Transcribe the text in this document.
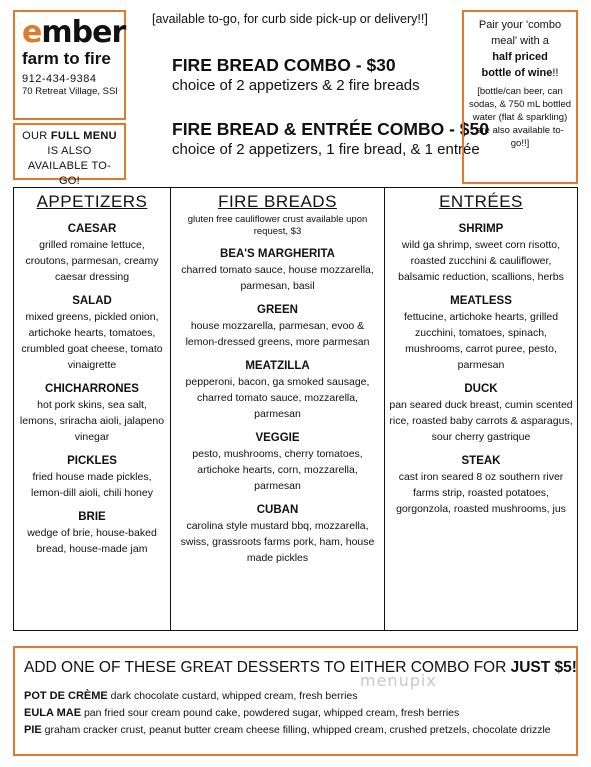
ember
farm to fire
912-434-9384
70 Retreat Village, SSI
OUR FULL MENU
IS ALSO
AVAILABLE TO-GO!
[available to-go, for curb side pick-up or delivery!!]
FIRE BREAD COMBO - $30
choice of 2 appetizers & 2 fire breads
FIRE BREAD & ENTRÉE COMBO - $50
choice of 2 appetizers, 1 fire bread, & 1 entrée
Pair your 'combo
meal' with a
half priced
bottle of wine!!
[bottle/can beer, can sodas, & 750 mL bottled water (flat & sparkling) are also available to-go!!]
APPETIZERS
CAESAR
grilled romaine lettuce, croutons, parmesan, creamy caesar dressing
SALAD
mixed greens, pickled onion, artichoke hearts, tomatoes, crumbled goat cheese, tomato vinaigrette
CHICHARRONES
hot pork skins, sea salt, lemons, sriracha aioli, jalapeno vinegar
PICKLES
fried house made pickles, lemon-dill aioli, chili honey
BRIE
wedge of brie, house-baked bread, house-made jam
FIRE BREADS
gluten free cauliflower crust available upon request, $3
BEA'S MARGHERITA
charred tomato sauce, house mozzarella, parmesan, basil
GREEN
house mozzarella, parmesan, evoo & lemon-dressed greens, more parmesan
MEATZILLA
pepperoni, bacon, ga smoked sausage, charred tomato sauce, mozzarella, parmesan
VEGGIE
pesto, mushrooms, cherry tomatoes, artichoke hearts, corn, mozzarella, parmesan
CUBAN
carolina style mustard bbq, mozzarella, swiss, grassroots farms pork, ham, house made pickles
ENTRÉES
SHRIMP
wild ga shrimp, sweet corn risotto, roasted zucchini & cauliflower, balsamic reduction, scallions, herbs
MEATLESS
fettucine, artichoke hearts, grilled zucchini, tomatoes, spinach, mushrooms, carrot puree, pesto, parmesan
DUCK
pan seared duck breast, cumin scented rice, roasted baby carrots & asparagus, sour cherry gastrique
STEAK
cast iron seared 8 oz southern river farms strip, roasted potatoes, gorgonzola, roasted mushrooms, jus
ADD ONE OF THESE GREAT DESSERTS TO EITHER COMBO FOR JUST $5!
POT DE CRÈME dark chocolate custard, whipped cream, fresh berries
EULA MAE pan fried sour cream pound cake, powdered sugar, whipped cream, fresh berries
PIE graham cracker crust, peanut butter cream cheese filling, whipped cream, crushed pretzels, chocolate drizzle
menupix
